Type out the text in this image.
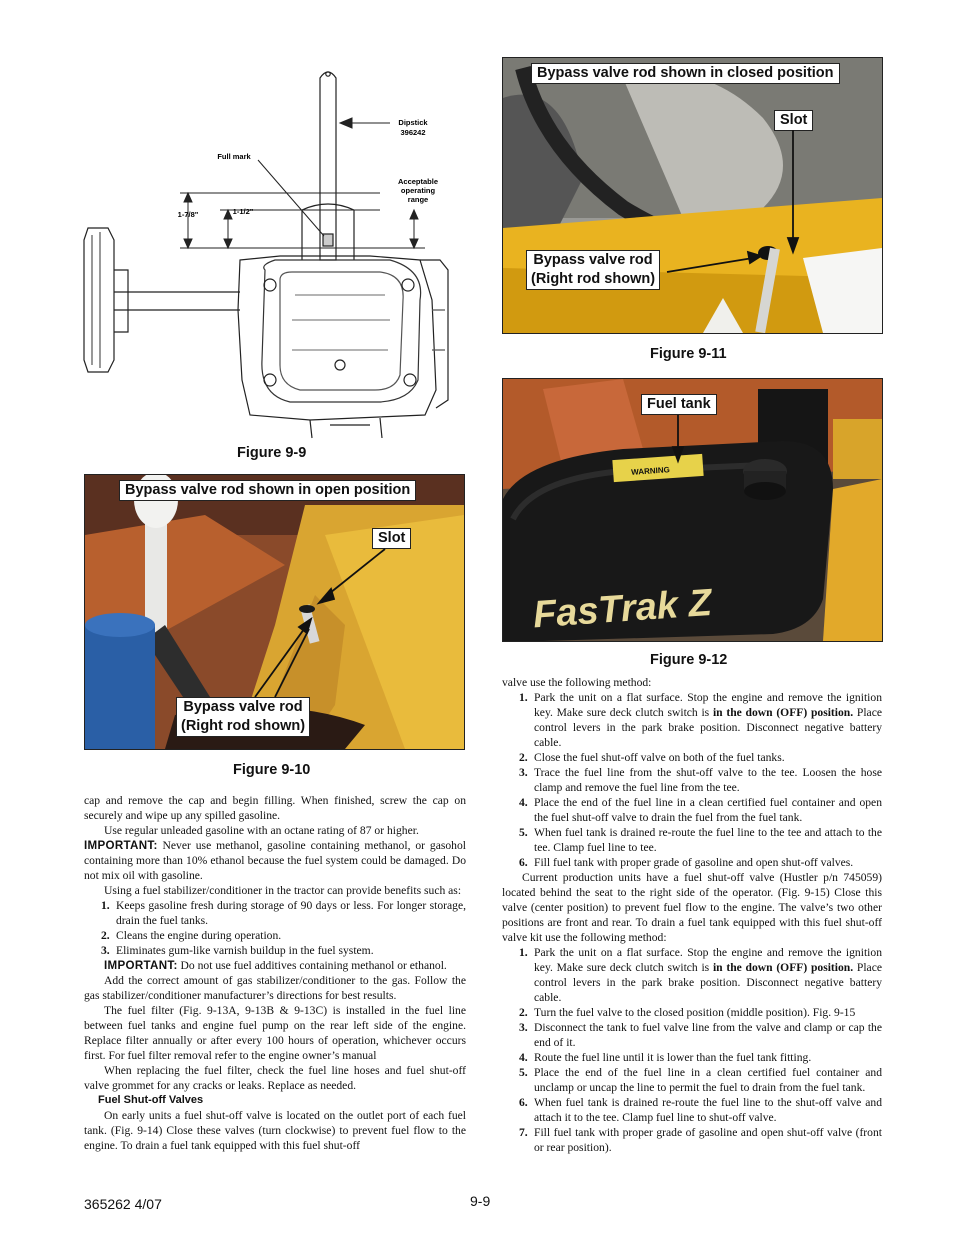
Dipstick
396242
Full mark
Acceptable
operating
range
1-7/8"	1-1/2"
Figure 9-9
Bypass valve rod shown in open position
Slot
Bypass valve rod
(Right rod shown)
Figure 9-10
Bypass valve rod shown in closed position
Slot
Bypass valve rod
(Right rod shown)
Figure 9-11
WARNING
FasTrak Z
Fuel tank
Figure 9-12

cap and remove the cap and begin filling. When finished, screw the cap on securely and wipe up any spilled gasoline.

Use regular unleaded gasoline with an octane rating of 87 or higher.

IMPORTANT: Never use methanol, gasoline containing methanol, or gasohol containing more than 10% ethanol because the fuel system could be damaged. Do not mix oil with gasoline.

Using a fuel stabilizer/conditioner in the tractor can provide benefits such as:

1. Keeps gasoline fresh during storage of 90 days or less. For longer storage, drain the fuel tanks.
2. Cleans the engine during operation.
3. Eliminates gum-like varnish buildup in the fuel system.

IMPORTANT: Do not use fuel additives containing methanol or ethanol.

Add the correct amount of gas stabilizer/conditioner to the gas. Follow the gas stabilizer/conditioner manufacturer’s directions for best results.

The fuel filter (Fig. 9-13A, 9-13B & 9-13C) is installed in the fuel line between fuel tanks and engine fuel pump on the rear left side of the engine. Replace filter annually or after every 100 hours of operation, whichever occurs first. For fuel filter removal refer to the engine owner’s manual

When replacing the fuel filter, check the fuel line hoses and fuel shut-off valve grommet for any cracks or leaks. Replace as needed.

Fuel Shut-off Valves

On early units a fuel shut-off valve is located on the outlet port of each fuel tank. (Fig. 9-14) Close these valves (turn clockwise) to prevent fuel flow to the engine. To drain a fuel tank equipped with this fuel shut-off

valve use the following method:

1. Park the unit on a flat surface. Stop the engine and remove the ignition key. Make sure deck clutch switch is in the down (OFF) position. Place control levers in the park brake position. Disconnect negative battery cable.
2. Close the fuel shut-off valve on both of the fuel tanks.
3. Trace the fuel line from the shut-off valve to the tee. Loosen the hose clamp and remove the fuel line from the tee.
4. Place the end of the fuel line in a clean certified fuel container and open the fuel shut-off valve to drain the fuel from the fuel tank.
5. When fuel tank is drained re-route the fuel line to the tee and attach to the tee. Clamp fuel line to tee.
6. Fill fuel tank with proper grade of gasoline and open shut-off valves.

Current production units have a fuel shut-off valve (Hustler p/n 745059) located behind the seat to the right side of the operator. (Fig. 9-15) Close this valve (center position) to prevent fuel flow to the engine. The valve’s two other positions are front and rear. To drain a fuel tank equipped with this fuel shut-off valve kit use the following method:

1. Park the unit on a flat surface. Stop the engine and remove the ignition key. Make sure deck clutch switch is in the down (OFF) position. Place control levers in the park brake position. Disconnect negative battery cable.
2. Turn the fuel valve to the closed position (middle position). Fig. 9-15
3. Disconnect the tank to fuel valve line from the valve and clamp or cap the end of it.
4. Route the fuel line until it is lower than the fuel tank fitting.
5. Place the end of the fuel line in a clean certified fuel container and unclamp or uncap the line to permit the fuel to drain from the fuel tank.
6. When fuel tank is drained re-route the fuel line to the shut-off valve and attach it to the tee. Clamp fuel line to shut-off valve.
7. Fill fuel tank with proper grade of gasoline and open shut-off valve (front or rear position).
365262 4/07	9-9
